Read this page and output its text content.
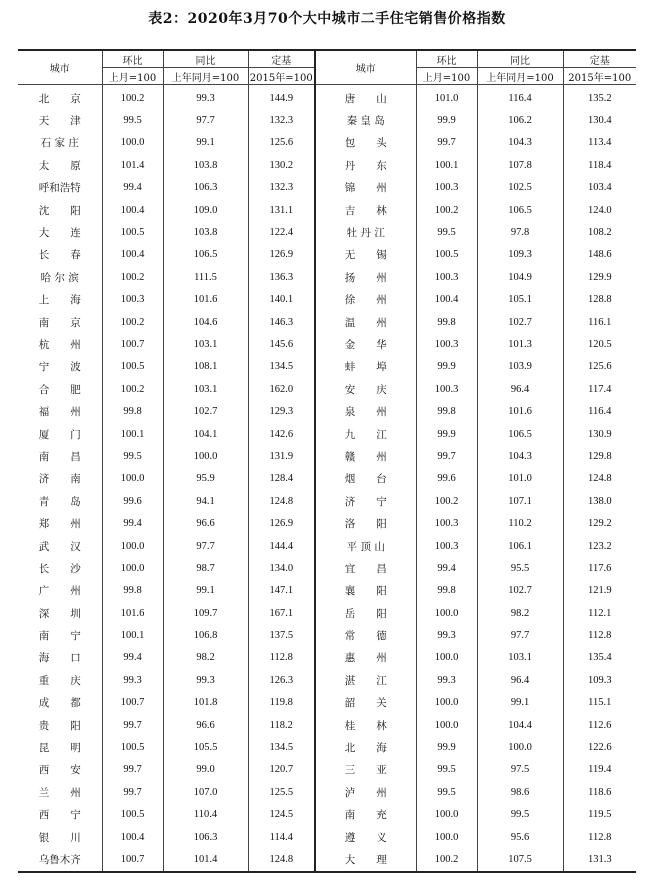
表2：2020年3月70个大中城市二手住宅销售价格指数
城市	环比	同比	定基	城市	环比	同比	定基
	上月=100	上年同月=100	2015年=100		上月=100	上年同月=100	2015年=100
北　　京	100.2	99.3	144.9	唐　　山	101.0	116.4	135.2
天　　津	99.5	97.7	132.3	秦 皇 岛	99.9	106.2	130.4
石 家 庄	100.0	99.1	125.6	包　　头	99.7	104.3	113.4
太　　原	101.4	103.8	130.2	丹　　东	100.1	107.8	118.4
呼和浩特	99.4	106.3	132.3	锦　　州	100.3	102.5	103.4
沈　　阳	100.4	109.0	131.1	吉　　林	100.2	106.5	124.0
大　　连	100.5	103.8	122.4	牡 丹 江	99.5	97.8	108.2
长　　春	100.4	106.5	126.9	无　　锡	100.5	109.3	148.6
哈 尔 滨	100.2	111.5	136.3	扬　　州	100.3	104.9	129.9
上　　海	100.3	101.6	140.1	徐　　州	100.4	105.1	128.8
南　　京	100.2	104.6	146.3	温　　州	99.8	102.7	116.1
杭　　州	100.7	103.1	145.6	金　　华	100.3	101.3	120.5
宁　　波	100.5	108.1	134.5	蚌　　埠	99.9	103.9	125.6
合　　肥	100.2	103.1	162.0	安　　庆	100.3	96.4	117.4
福　　州	99.8	102.7	129.3	泉　　州	99.8	101.6	116.4
厦　　门	100.1	104.1	142.6	九　　江	99.9	106.5	130.9
南　　昌	99.5	100.0	131.9	赣　　州	99.7	104.3	129.8
济　　南	100.0	95.9	128.4	烟　　台	99.6	101.0	124.8
青　　岛	99.6	94.1	124.8	济　　宁	100.2	107.1	138.0
郑　　州	99.4	96.6	126.9	洛　　阳	100.3	110.2	129.2
武　　汉	100.0	97.7	144.4	平 顶 山	100.3	106.1	123.2
长　　沙	100.0	98.7	134.0	宜　　昌	99.4	95.5	117.6
广　　州	99.8	99.1	147.1	襄　　阳	99.8	102.7	121.9
深　　圳	101.6	109.7	167.1	岳　　阳	100.0	98.2	112.1
南　　宁	100.1	106.8	137.5	常　　德	99.3	97.7	112.8
海　　口	99.4	98.2	112.8	惠　　州	100.0	103.1	135.4
重　　庆	99.3	99.3	126.3	湛　　江	99.3	96.4	109.3
成　　都	100.7	101.8	119.8	韶　　关	100.0	99.1	115.1
贵　　阳	99.7	96.6	118.2	桂　　林	100.0	104.4	112.6
昆　　明	100.5	105.5	134.5	北　　海	99.9	100.0	122.6
西　　安	99.7	99.0	120.7	三　　亚	99.5	97.5	119.4
兰　　州	99.7	107.0	125.5	泸　　州	99.5	98.6	118.6
西　　宁	100.5	110.4	124.5	南　　充	100.0	99.5	119.5
银　　川	100.4	106.3	114.4	遵　　义	100.0	95.6	112.8
乌鲁木齐	100.7	101.4	124.8	大　　理	100.2	107.5	131.3
